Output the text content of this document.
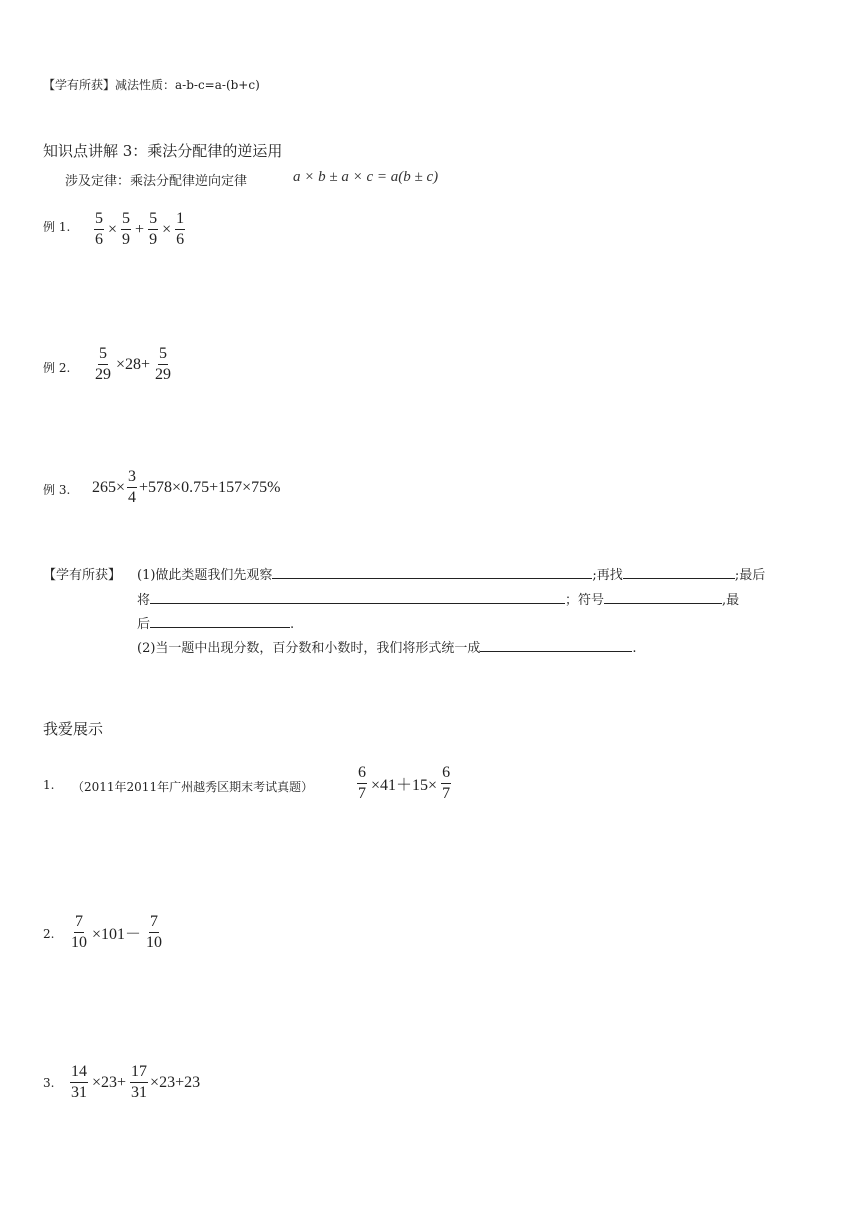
【学有所获】减法性质：a-b-c=a-(b+c)
知识点讲解 3：乘法分配律的逆运用
涉及定律：乘法分配律逆向定律	a × b ± a × c = a(b ± c)
例 1. $\frac{5}{6} \times \frac{5}{9} + \frac{5}{9} \times \frac{1}{6}$
例 2. $\frac{5}{29} \times 28+ \frac{5}{29}$
例 3. $265\times \frac{3}{4} +578\times 0.75+157\times 75\%$
【学有所获】 (1)做此类题我们先观察	;再找	;最后
将	；符号	,最
后	.
(2)当一题中出现分数，百分数和小数时，我们将形式统一成	.
我爱展示
1. （2011年2011年广州越秀区期末考试真题）	$\frac{6}{7} \times 41+15\times \frac{6}{7}$
2. $\frac{7}{10} \times 101- \frac{7}{10}$
3. $\frac{14}{31} \times 23+ \frac{17}{31} \times 23+23$
